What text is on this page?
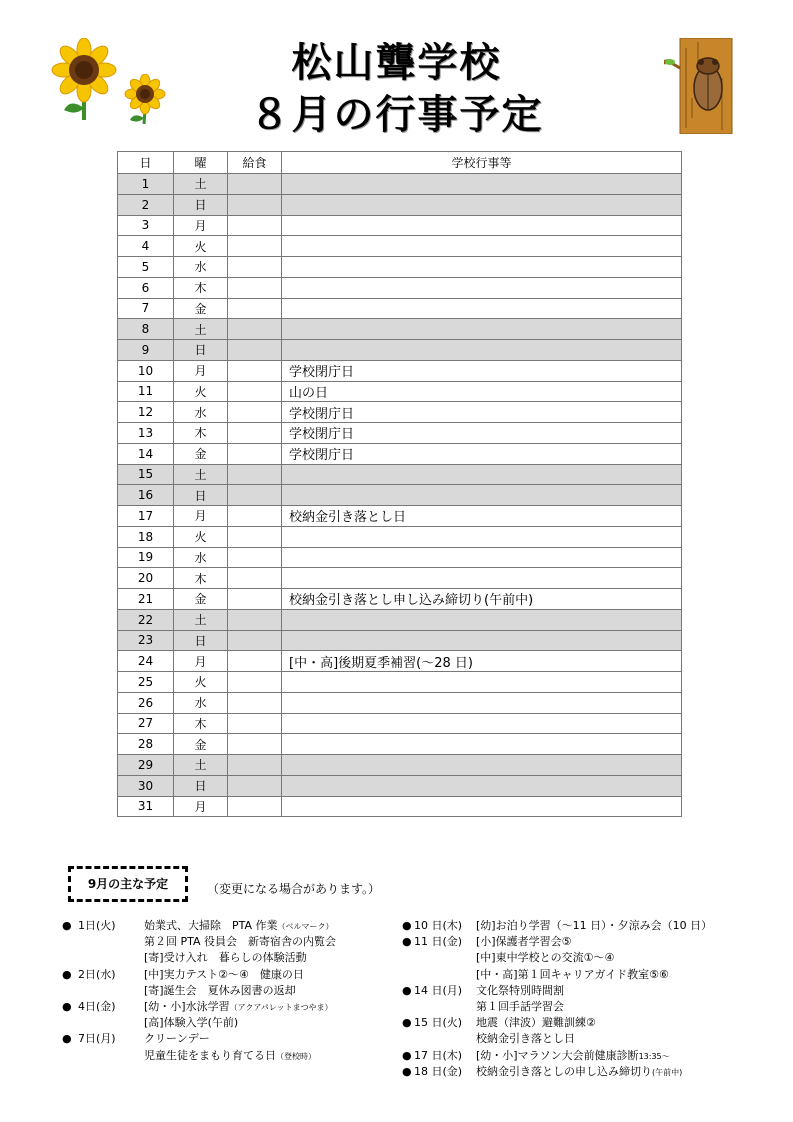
松山聾学校
８月の行事予定
日	曜	給食	学校行事等
1	土		
2	日		
3	月		
4	火		
5	水		
6	木		
7	金		
8	土		
9	日		
10	月		学校閉庁日
11	火		山の日
12	水		学校閉庁日
13	木		学校閉庁日
14	金		学校閉庁日
15	土		
16	日		
17	月		校納金引き落とし日
18	火		
19	水		
20	木		
21	金		校納金引き落とし申し込み締切り(午前中)
22	土		
23	日		
24	月		[中・高]後期夏季補習(～28 日)
25	火		
26	水		
27	木		
28	金		
29	土		
30	日		
31	月		
9月の主な予定	（変更になる場合があります。）
●1日(火)	始業式、大掃除　PTA 作業（ベルマーク）
第２回 PTA 役員会　新寄宿舎の内覧会
[寄]受け入れ　暮らしの体験活動
●2日(水)	[中]実力テスト②～④　健康の日
[寄]誕生会　夏休み図書の返却
●4日(金)	[幼・小]水泳学習（アクアパレットまつやま）
[高]体験入学(午前)
●7日(月)	クリーンデー
児童生徒をまもり育てる日（登校時）
● 10 日(木) [幼]お泊り学習（～11 日）・夕涼み会（10 日）
● 11 日(金) [小]保護者学習会⑤
[中]東中学校との交流①～④
[中・高]第１回キャリアガイド教室⑤⑥
● 14 日(月) 文化祭特別時間割
第１回手話学習会
● 15 日(火) 地震（津波）避難訓練②
校納金引き落とし日
● 17 日(木) [幼・小]マラソン大会前健康診断13:35～
● 18 日(金) 校納金引き落としの申し込み締切り(午前中)
